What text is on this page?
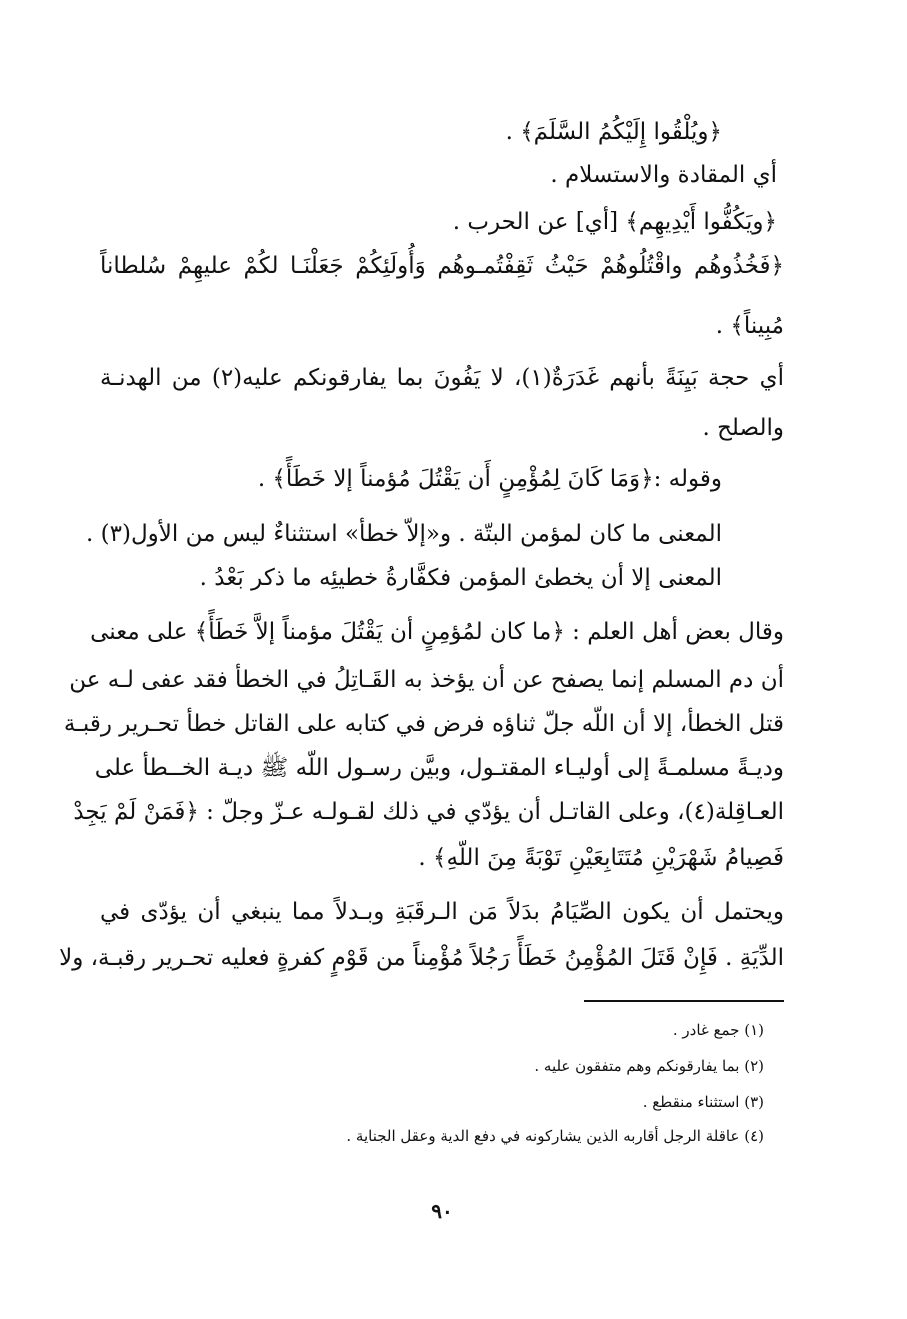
﴿ويُلْقُوا إِلَيْكُمُ السَّلَمَ﴾ .
أي المقادة والاستسلام .
﴿ويَكُفُّوا أَيْدِيهِم﴾ [أي] عن الحرب .
﴿فَخُذُوهُم واقْتُلُوهُمْ حَيْثُ ثَقِفْتُمـوهُم وَأُولَئِكُمْ جَعَلْنَـا لكُمْ عليهِمْ سُلطاناً
مُبِيناً﴾ .
أي حجة بَيِنَةً بأنهم غَدَرَةٌ(١)، لا يَفُونَ بما يفارقونكم عليه(٢) من الهدنـة
والصلح .
وقوله :﴿وَمَا كَانَ لِمُؤْمِنٍ أَن يَقْتُلَ مُؤمناً إلا خَطَأً﴾ .
المعنى ما كان لمؤمن البتّة . و«إلاّ خطأ» استثناءٌ ليس من الأول(٣) .
المعنى إلا أن يخطئ المؤمن فكفَّارةُ خطيئِه ما ذكر بَعْدُ .
وقال بعض أهل العلم : ﴿ما كان لمُؤمِنٍ أن يَقْتُلَ مؤمناً إلاَّ خَطَأً﴾ على معنى
أن دم المسلم إنما يصفح عن أن يؤخذ به القَـاتِلُ في الخطأ فقد عفى لـه عن
قتل الخطأ، إلا أن اللّه جلّ ثناؤه فرض في كتابه على القاتل خطأ تحـرير رقبـة
وديـةً مسلمـةً إلى أوليـاء المقتـول، وبيَّن رسـول اللّه ﷺ ديـة الخــطأ على
العـاقِلة(٤)، وعلى القاتـل أن يؤدّي في ذلك لقـولـه عـزّ وجلّ : ﴿فَمَنْ لَمْ يَجِدْ
فَصِيامُ شَهْرَيْنِ مُتَتَابِعَيْنِ تَوْبَةً مِنَ اللّهِ﴾ .
ويحتمل أن يكون الصِّيَامُ بدَلاً مَن الـرقَبَةِ وبـدلاً مما ينبغي أن يؤدّى في
الدِّيَةِ . فَإِنْ قَتَلَ المُؤْمِنُ خَطَأً رَجُلاً مُؤْمِناً من قَوْمٍ كفرةٍ فعليه تحـرير رقبـة، ولا
(١) جمع غادر .
(٢) بما يفارقونكم وهم متفقون عليه .
(٣) استثناء منقطع .
(٤) عاقلة الرجل أقاربه الذين يشاركونه في دفع الدية وعقل الجناية .
٩٠
